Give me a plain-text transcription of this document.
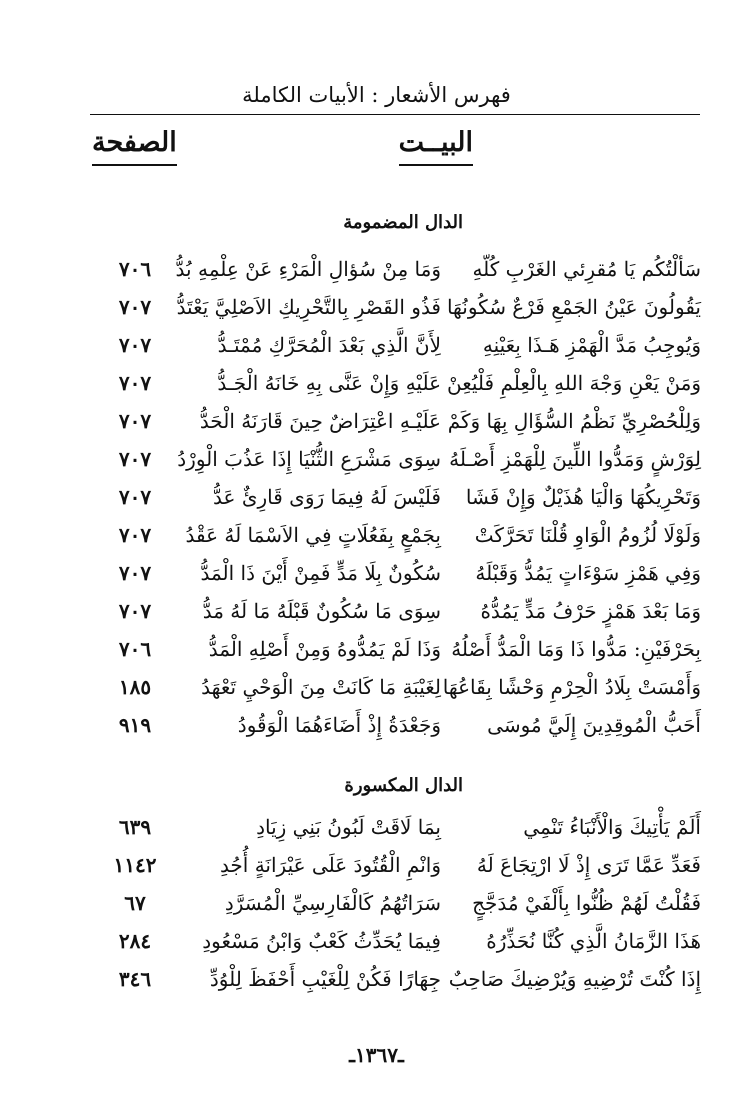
فهرس الأشعار : الأبيات الكاملة
البيــت
الصفحة
الدال المضمومة
سَألْتُكُم يَا مُقرِئي الغَرْبِ كُلّهِ
وَمَا مِنْ سُؤالِ الْمَرْءِ عَنْ عِلْمِهِ بُدُّ
٧٠٦
يَقُولُونَ عَيْنُ الجَمْعِ فَرْعٌ سُكُونُهَا
فَذُو القَصْرِ بِالتَّحْرِيكِ الاَصْلِيَّ يَعْتَدُّ
٧٠٧
وَيُوجِبُ مَدَّ الْهَمْزِ هَـذَا بِعَيْنِهِ
لِأَنَّ الَّذِي بَعْدَ الْمُحَرَّكِ مُمْتَـدُّ
٧٠٧
وَمَنْ يَعْنِ وَجْهَ اللهِ بِالْعِلْمِ فَلْيُعِنْ
عَلَيْهِ وَإِنْ عَنَّى بِهِ خَانَهُ الْجَـدُّ
٧٠٧
وَلِلْحُصْرِيِّ نَظْمُ السُّؤَالِ بِهَا وَكَمْ
عَلَيْـهِ اعْتِرَاضٌ حِينَ قَارَنَهُ الْحَدُّ
٧٠٧
لِوَرْشٍ وَمَدُّوا اللِّينَ لِلْهَمْزِ أَصْـلَهُ
سِوَى مَشْرَعِ الثُّنْيَا إِذَا عَذُبَ الْوِرْدُ
٧٠٧
وَتَحْرِيكُهَا وَالْيَا هُذَيْلٌ وَإِنْ فَشَا
فَلَيْسَ لَهُ فِيمَا رَوَى قَارِئٌ عَدُّ
٧٠٧
وَلَوْلَا لُزُومُ الْوَاوِ قُلْنَا تَحَرَّكَتْ
بِجَمْعٍ بِفَعُلَاتٍ فِي الاَسْمَا لَهُ عَقْدُ
٧٠٧
وَفِي هَمْزِ سَوْءَاتٍ يَمُدُّ وَقَبْلَهُ
سُكُونٌ بِلَا مَدٍّ فَمِنْ أَيْنَ ذَا الْمَدُّ
٧٠٧
وَمَا بَعْدَ هَمْزٍ حَرْفُ مَدٍّ يَمُدُّهُ
سِوَى مَا سُكُونٌ قَبْلَهُ مَا لَهُ مَدُّ
٧٠٧
بِحَرْفَيْنِ: مَدُّوا ذَا وَمَا الْمَدُّ أَصْلُهُ
وَذَا لَمْ يَمُدُّوهُ وَمِنْ أَصْلِهِ الْمَدُّ
٧٠٦
وَأَمْسَتْ بِلَادُ الْحِرْمِ وَحْشًا بِقَاعُهَا
لِغَيْبَةِ مَا كَانَتْ مِنَ الْوَحْيِ تَعْهَدُ
١٨٥
أَحَبُّ الْمُوقِدِينَ إِلَيَّ مُوسَى
وَجَعْدَةُ إِذْ أَضَاءَهُمَا الْوَقُودُ
٩١٩
الدال المكسورة
أَلَمْ يَأْتِيكَ وَالْأَنْبَاءُ تَنْمِي
بِمَا لَاقَتْ لَبُونُ بَنِي زِيَادِ
٦٣٩
فَعَدِّ عَمَّا تَرَى إِذْ لَا ارْتِجَاعَ لَهُ
وَانْمِ الْقُتُودَ عَلَى عَيْرَانَةٍ أُجُدِ
١١٤٢
فَقُلْتُ لَهُمْ ظُنُّوا بِأَلْفَيْ مُدَجَّجٍ
سَرَاتُهُمُ كَالْفَارِسِيِّ الْمُسَرَّدِ
٦٧
هَذَا الزَّمَانُ الَّذِي كُنَّا نُحَذِّرُهُ
فِيمَا يُحَدِّثُ كَعْبٌ وَابْنُ مَسْعُودِ
٢٨٤
إِذَا كُنْتَ تُرْضِيهِ وَيُرْضِيكَ صَاحِبٌ
جِهَارًا فَكُنْ لِلْغَيْبِ أَحْفَظَ لِلْوُدِّ
٣٤٦
ـ١٣٦٧ـ
